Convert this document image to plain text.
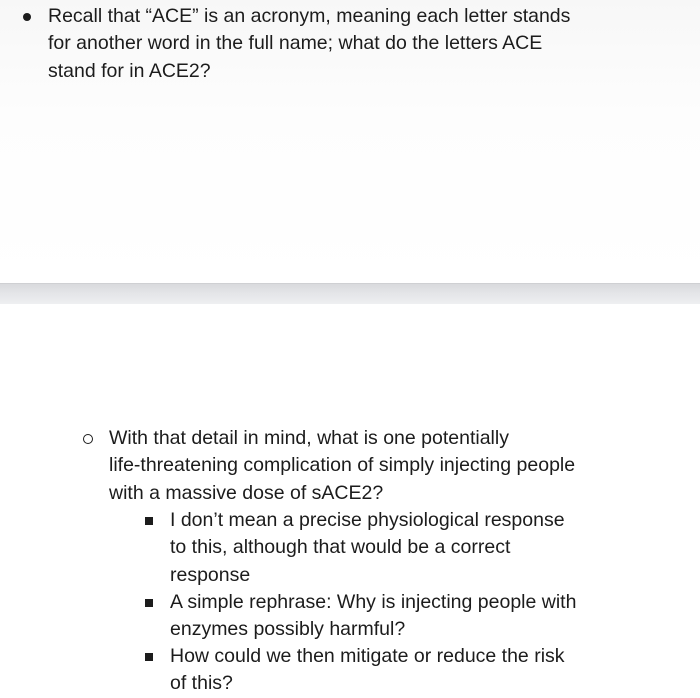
Recall that “ACE” is an acronym, meaning each letter stands
for another word in the full name; what do the letters ACE
stand for in ACE2?
With that detail in mind, what is one potentially
life-threatening complication of simply injecting people
with a massive dose of sACE2?
I don’t mean a precise physiological response
to this, although that would be a correct
response
A simple rephrase: Why is injecting people with
enzymes possibly harmful?
How could we then mitigate or reduce the risk
of this?
